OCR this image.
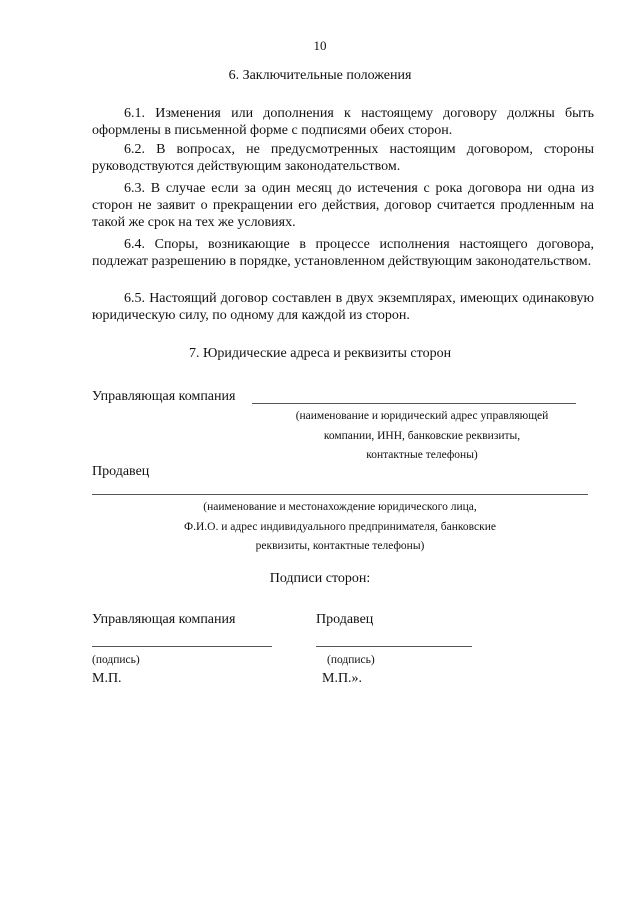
10
6. Заключительные положения
6.1. Изменения или дополнения к настоящему договору должны быть оформлены в письменной форме с подписями обеих сторон.
6.2. В вопросах, не предусмотренных настоящим договором, стороны руководствуются действующим законодательством.
6.3. В случае если за один месяц до истечения с рока договора ни одна из сторон не заявит о прекращении его действия, договор считается продленным на такой же срок на тех же условиях.
6.4. Споры, возникающие в процессе исполнения настоящего договора, подлежат разрешению в порядке, установленном действующим законодательством.
6.5. Настоящий договор составлен в двух экземплярах, имеющих одинаковую юридическую силу, по одному для каждой из сторон.
7. Юридические адреса и реквизиты сторон
Управляющая компания
(наименование и юридический адрес управляющей
компании, ИНН, банковские реквизиты,
контактные телефоны)
Продавец
(наименование и местонахождение юридического лица,
Ф.И.О. и адрес индивидуального предпринимателя, банковские
реквизиты, контактные телефоны)
Подписи сторон:
Управляющая компания	Продавец
(подпись)	(подпись)
М.П.	М.П.».
